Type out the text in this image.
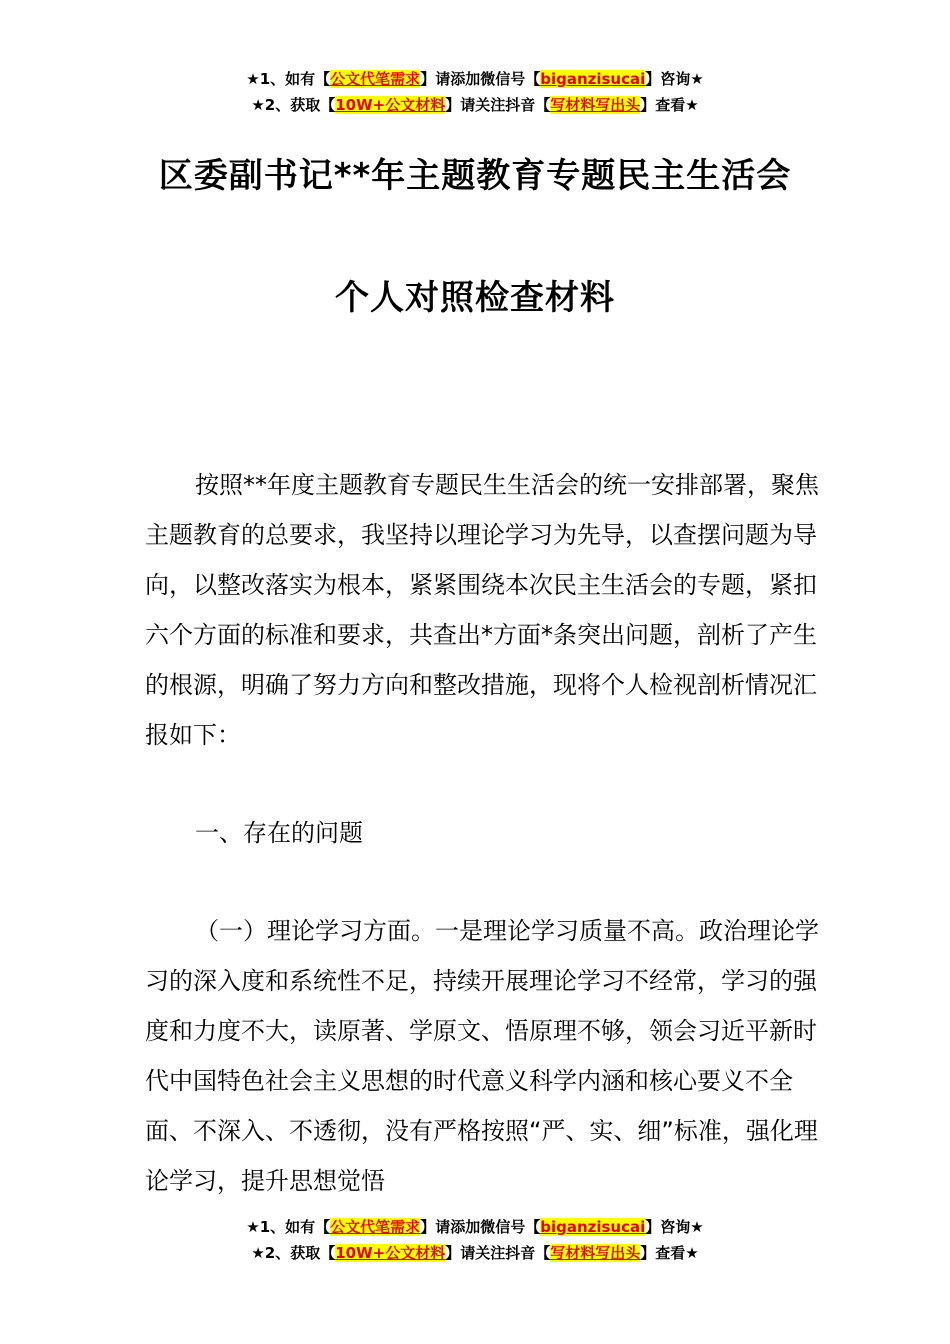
★1、如有【公文代笔需求】请添加微信号【biganzisucai】咨询★
★2、获取【10W+公文材料】请关注抖音【写材料写出头】查看★
区委副书记**年主题教育专题民主生活会
个人对照检查材料

按照**年度主题教育专题民生生活会的统一安排部署，聚焦主题教育的总要求，我坚持以理论学习为先导，以查摆问题为导向，以整改落实为根本，紧紧围绕本次民主生活会的专题，紧扣六个方面的标准和要求，共查出*方面*条突出问题，剖析了产生的根源，明确了努力方向和整改措施，现将个人检视剖析情况汇报如下：

一、存在的问题

（一）理论学习方面。一是理论学习质量不高。政治理论学习的深入度和系统性不足，持续开展理论学习不经常，学习的强度和力度不大，读原著、学原文、悟原理不够，领会习近平新时代中国特色社会主义思想的时代意义科学内涵和核心要义不全面、不深入、不透彻，没有严格按照“严、实、细”标准，强化理论学习，提升思想觉悟

★1、如有【公文代笔需求】请添加微信号【biganzisucai】咨询★
★2、获取【10W+公文材料】请关注抖音【写材料写出头】查看★
